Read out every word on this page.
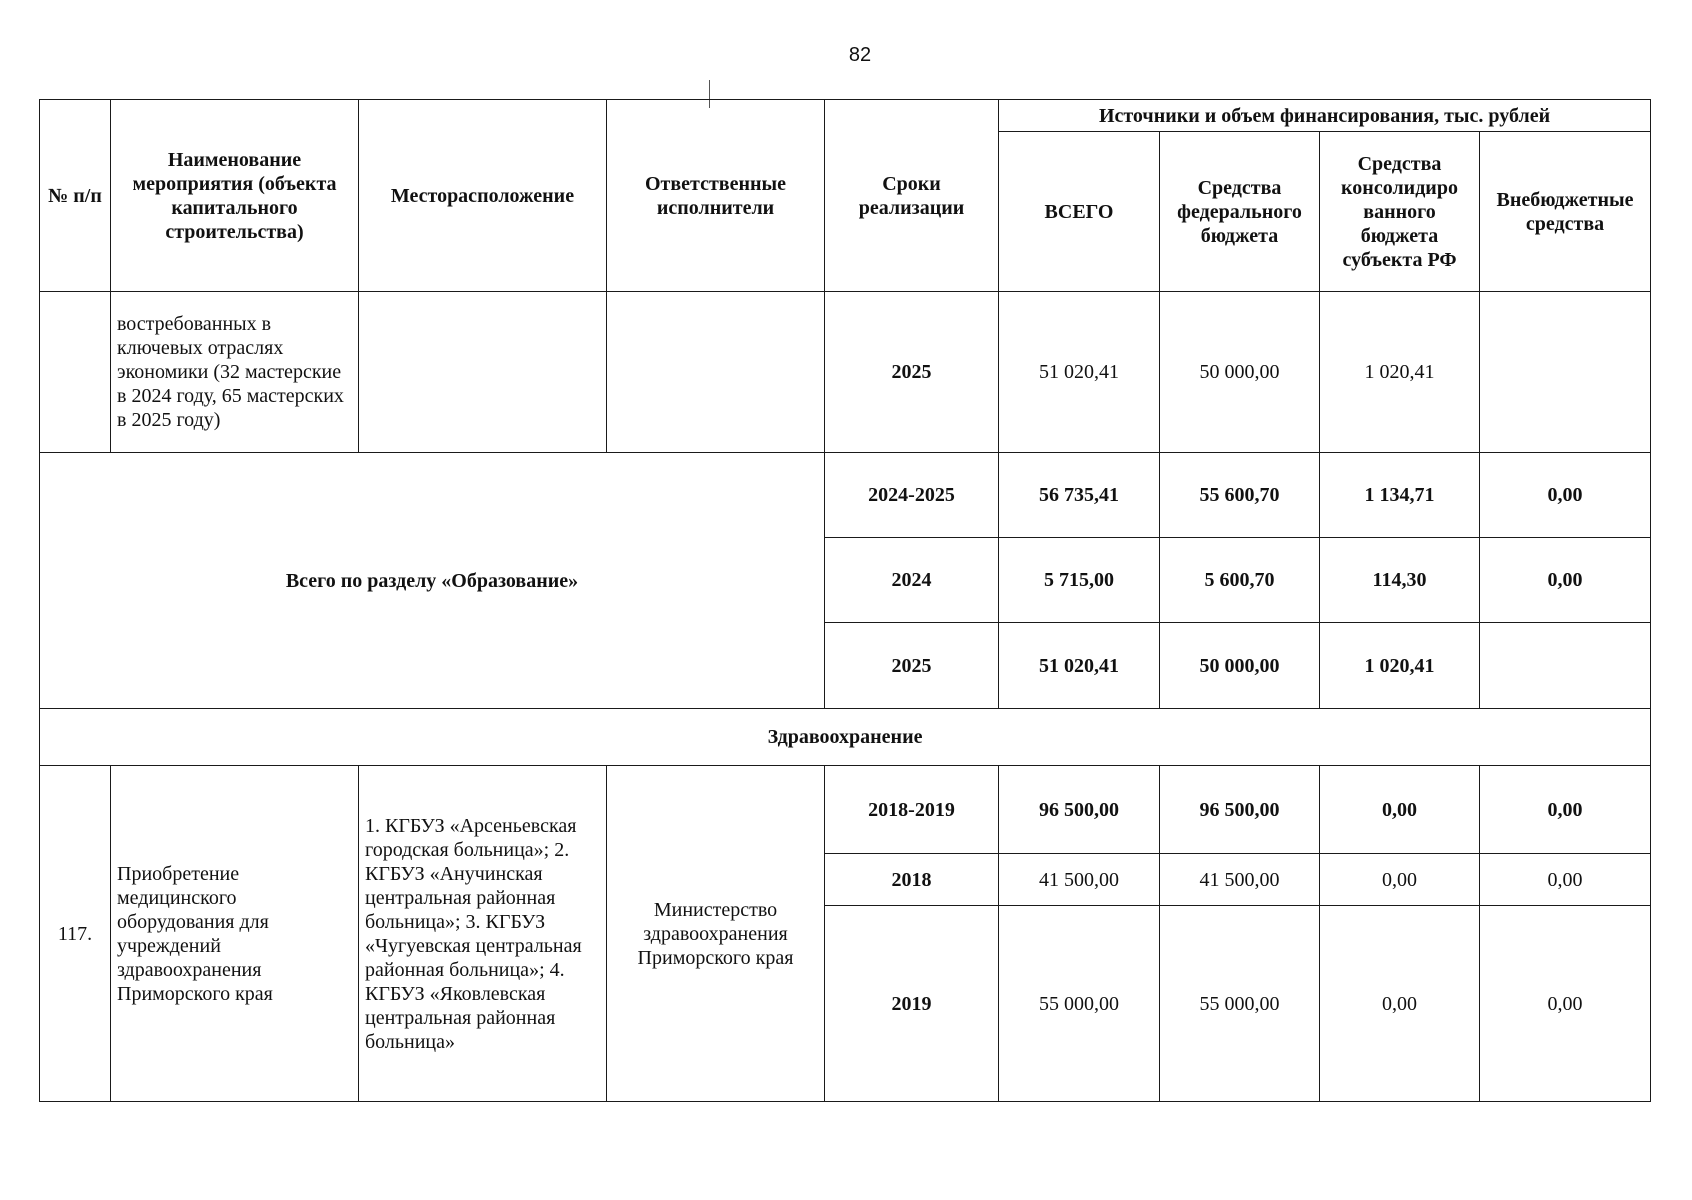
82
№ п/п	Наименование мероприятия (объекта капитального строительства)	Месторасположение	Ответственные исполнители	Сроки реализации	Источники и объем финансирования, тыс. рублей			
					ВСЕГО	Средства федерального бюджета	Средства консолидиро ванного бюджета субъекта РФ	Внебюджетные средства
	востребованных в ключевых отраслях экономики (32 мастерские в 2024 году, 65 мастерских в 2025 году)			2025	51 020,41	50 000,00	1 020,41	
Всего по разделу «Образование»				2024-2025	56 735,41	55 600,70	1 134,71	0,00
				2024	5 715,00	5 600,70	114,30	0,00
				2025	51 020,41	50 000,00	1 020,41	
Здравоохранение								
117.	Приобретение медицинского оборудования для учреждений здравоохранения Приморского края	1. КГБУЗ «Арсеньевская городская больница»; 2. КГБУЗ «Анучинская центральная районная больница»; 3. КГБУЗ «Чугуевская центральная районная больница»; 4. КГБУЗ «Яковлевская центральная районная больница»	Министерство здравоохранения Приморского края	2018-2019	96 500,00	96 500,00	0,00	0,00
				2018	41 500,00	41 500,00	0,00	0,00
				2019	55 000,00	55 000,00	0,00	0,00
